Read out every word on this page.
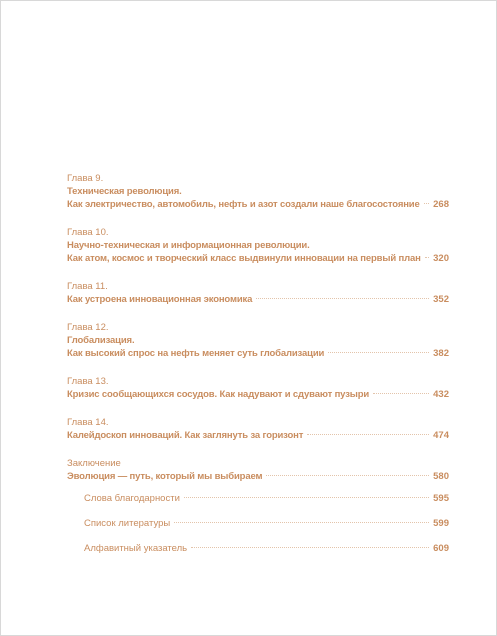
Глава 9.
Техническая революция.
Как электричество, автомобиль, нефть и азот создали наше благосостояние 268
Глава 10.
Научно-техническая и информационная революции.
Как атом, космос и творческий класс выдвинули инновации на первый план 320
Глава 11.
Как устроена инновационная экономика	352
Глава 12.
Глобализация.
Как высокий спрос на нефть меняет суть глобализации	382
Глава 13.
Кризис сообщающихся сосудов. Как надувают и сдувают пузыри	432
Глава 14.
Калейдоскоп инноваций. Как заглянуть за горизонт	474
Заключение
Эволюция — путь, который мы выбираем	580
Слова благодарности	595
Список литературы	599
Алфавитный указатель	609
